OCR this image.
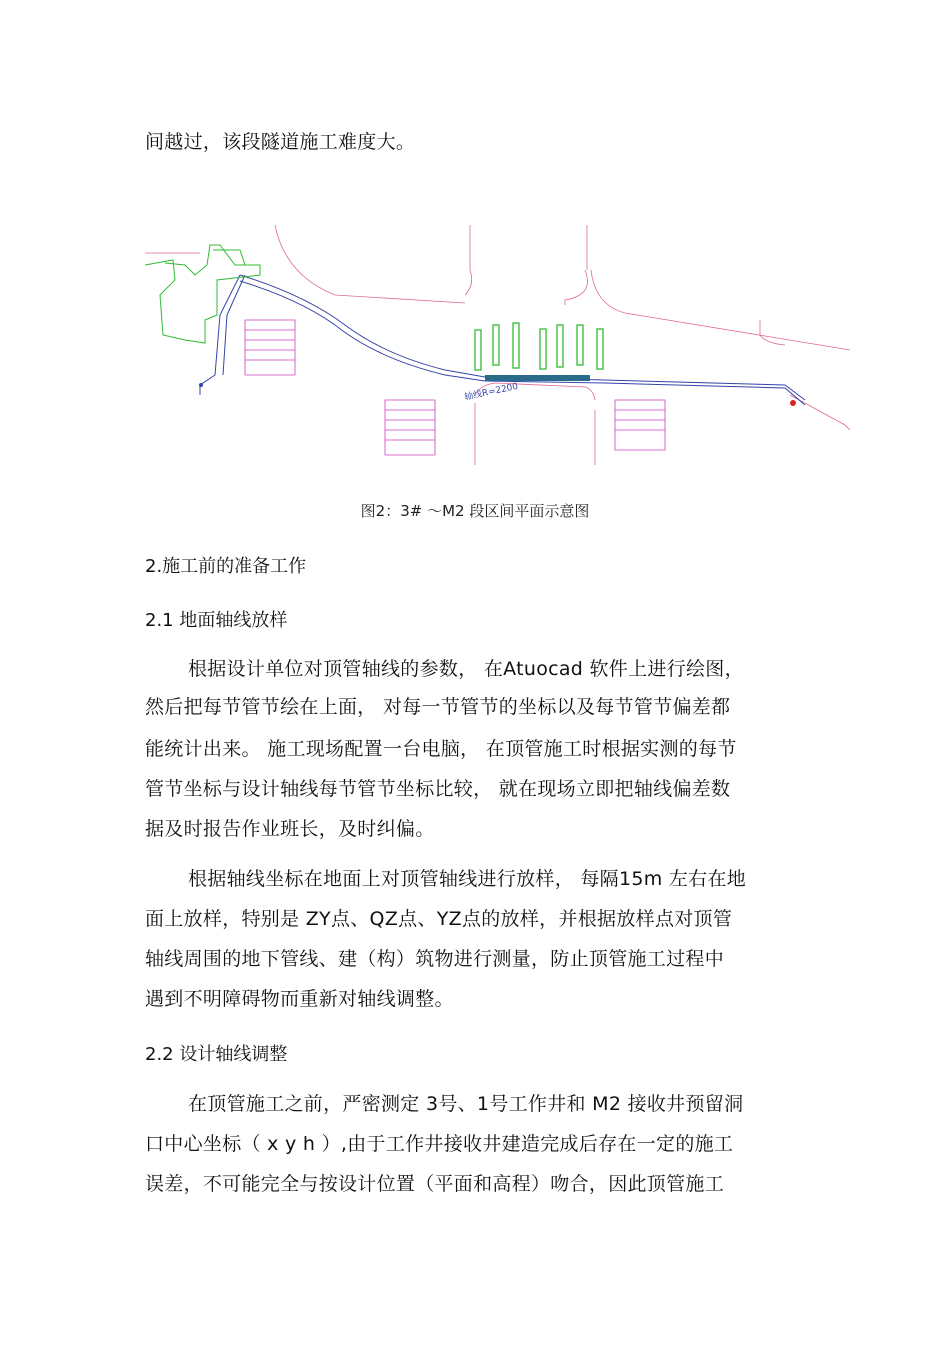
间越过，该段隧道施工难度大。
轴线R=2200
图2：3# ～M2 段区间平面示意图
2.施工前的准备工作
2.1 地面轴线放样
根据设计单位对顶管轴线的参数， 在Atuocad 软件上进行绘图，
然后把每节管节绘在上面， 对每一节管节的坐标以及每节管节偏差都
能统计出来。 施工现场配置一台电脑， 在顶管施工时根据实测的每节
管节坐标与设计轴线每节管节坐标比较， 就在现场立即把轴线偏差数
据及时报告作业班长，及时纠偏。
根据轴线坐标在地面上对顶管轴线进行放样， 每隔15m 左右在地
面上放样，特别是 ZY点、QZ点、YZ点的放样，并根据放样点对顶管
轴线周围的地下管线、建（构）筑物进行测量，防止顶管施工过程中
遇到不明障碍物而重新对轴线调整。
2.2 设计轴线调整
在顶管施工之前，严密测定 3号、1号工作井和 M2 接收井预留洞
口中心坐标（ x y h ）,由于工作井接收井建造完成后存在一定的施工
误差，不可能完全与按设计位置（平面和高程）吻合，因此顶管施工
